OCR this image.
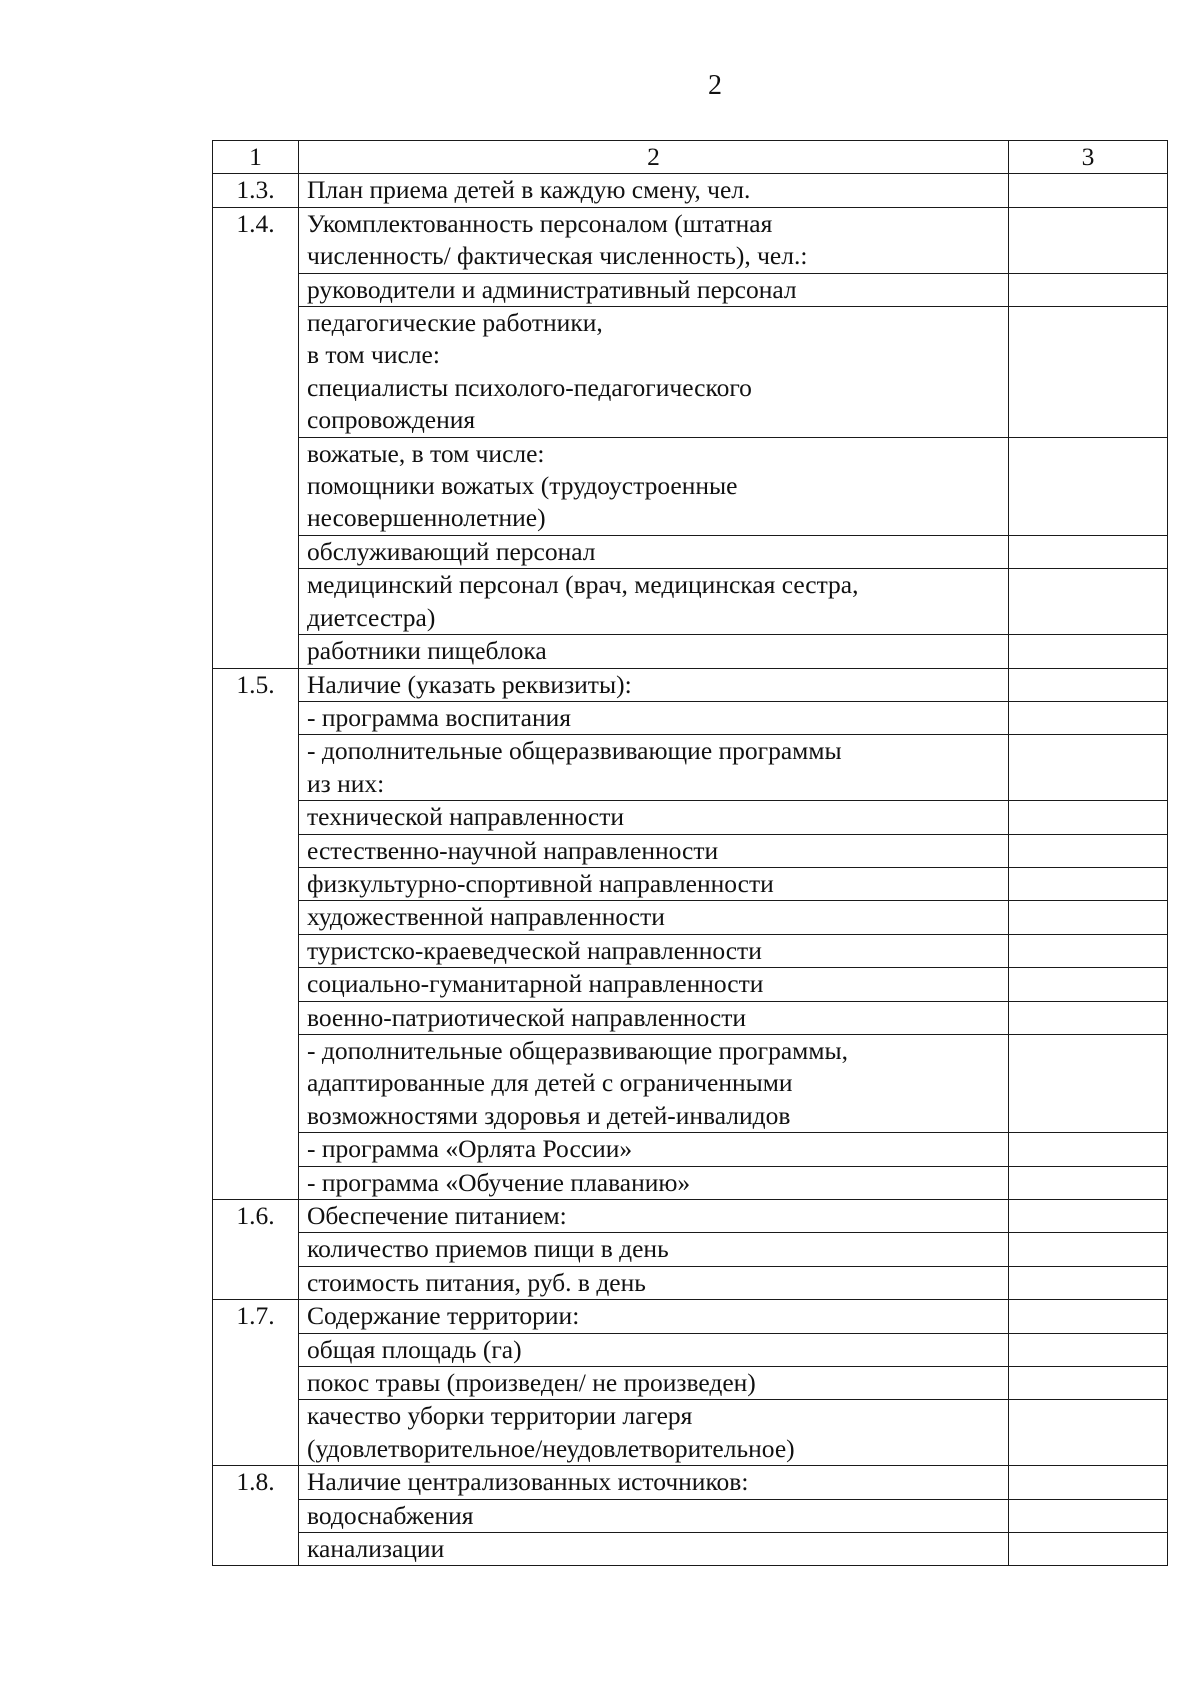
2
1	2	3
1.3.	План приема детей в каждую смену, чел.	

1.4.	Укомплектованность персоналом (штатная
численность/ фактическая численность), чел.:	

	руководители и административный персонал	

	педагогические работники,
в том числе:
специалисты психолого-педагогического
сопровождения	

	вожатые, в том числе:
помощники вожатых (трудоустроенные
несовершеннолетние)	

	обслуживающий персонал	

	медицинский персонал (врач, медицинская сестра,
диетсестра)	

	работники пищеблока	

1.5.	Наличие (указать реквизиты):	

	- программа воспитания	

	- дополнительные общеразвивающие программы
из них:	

	технической направленности	

	естественно-научной направленности	

	физкультурно-спортивной направленности	

	художественной направленности	

	туристско-краеведческой направленности	

	социально-гуманитарной направленности	

	военно-патриотической направленности	

	- дополнительные общеразвивающие программы,
адаптированные для детей с ограниченными
возможностями здоровья и детей-инвалидов	

	- программа «Орлята России»	

	- программа «Обучение плаванию»	

1.6.	Обеспечение питанием:	

	количество приемов пищи в день	

	стоимость питания, руб. в день	

1.7.	Содержание территории:	

	общая площадь (га)	

	покос травы (произведен/ не произведен)	

	качество уборки территории лагеря
(удовлетворительное/неудовлетворительное)	

1.8.	Наличие централизованных источников:	

	водоснабжения	

	канализации	
